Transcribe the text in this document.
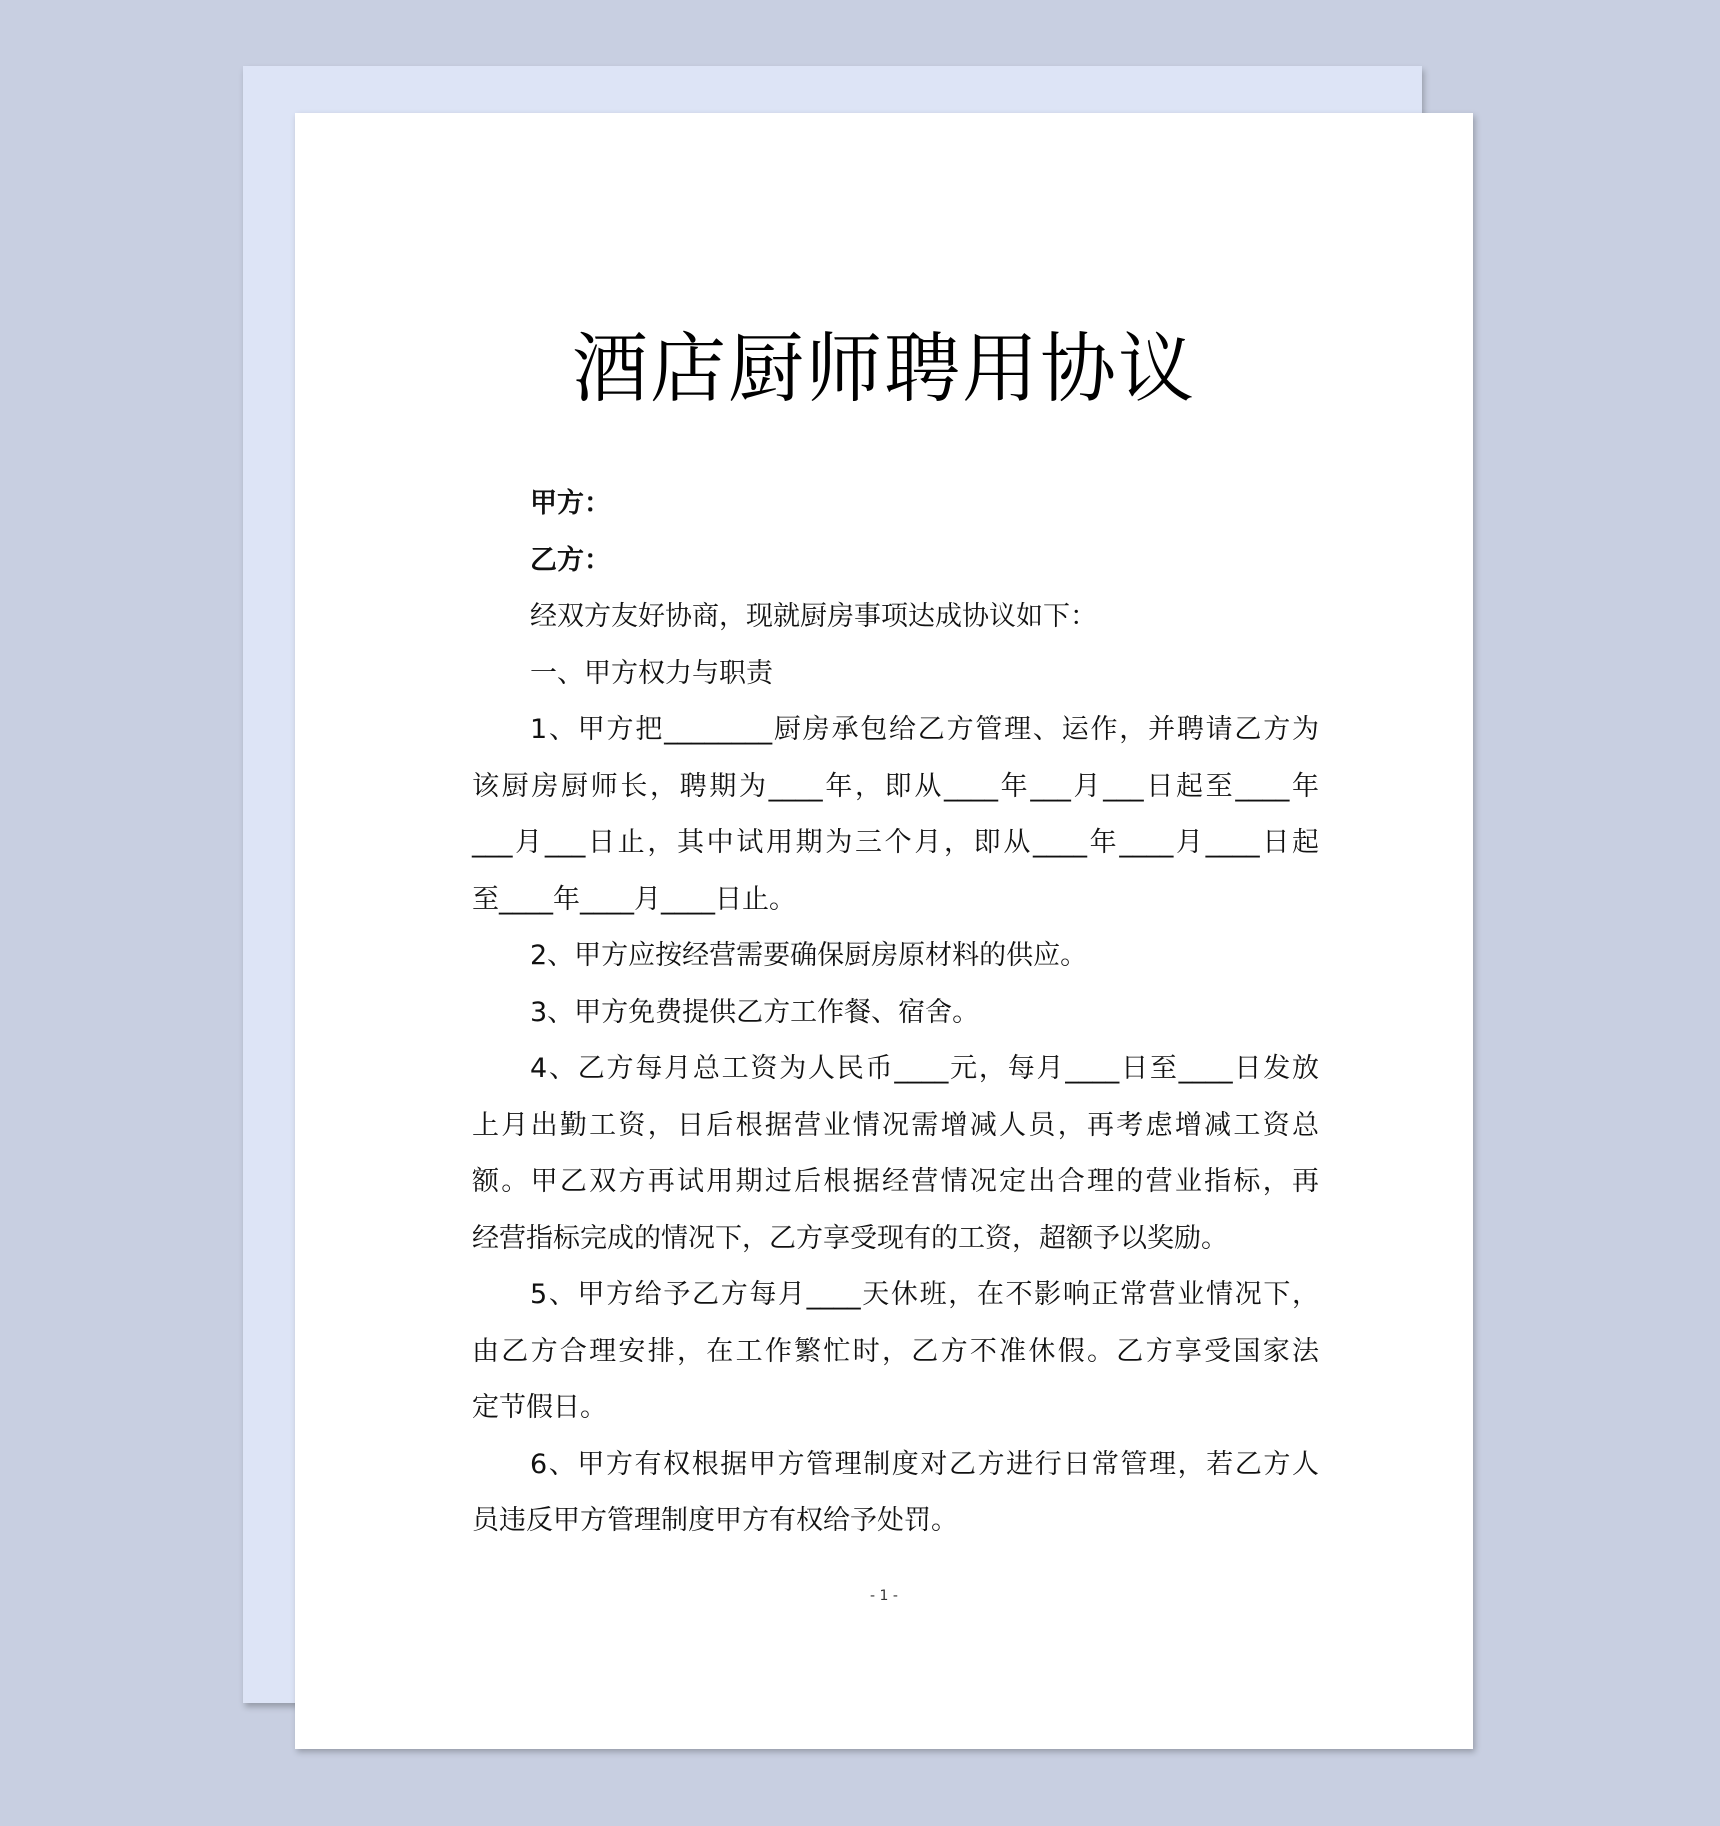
酒店厨师聘用协议
甲方：
乙方：
经双方友好协商，现就厨房事项达成协议如下：
一、甲方权力与职责
1、甲方把________厨房承包给乙方管理、运作，并聘请乙方为
该厨房厨师长，聘期为____年，即从____年___月___日起至____年
___月___日止，其中试用期为三个月，即从____年____月____日起
至____年____月____日止。
2、甲方应按经营需要确保厨房原材料的供应。
3、甲方免费提供乙方工作餐、宿舍。
4、乙方每月总工资为人民币____元，每月____日至____日发放
上月出勤工资，日后根据营业情况需增减人员，再考虑增减工资总
额。甲乙双方再试用期过后根据经营情况定出合理的营业指标，再
经营指标完成的情况下，乙方享受现有的工资，超额予以奖励。
5、甲方给予乙方每月____天休班，在不影响正常营业情况下，
由乙方合理安排，在工作繁忙时，乙方不准休假。乙方享受国家法
定节假日。
6、甲方有权根据甲方管理制度对乙方进行日常管理，若乙方人
员违反甲方管理制度甲方有权给予处罚。
- 1 -
